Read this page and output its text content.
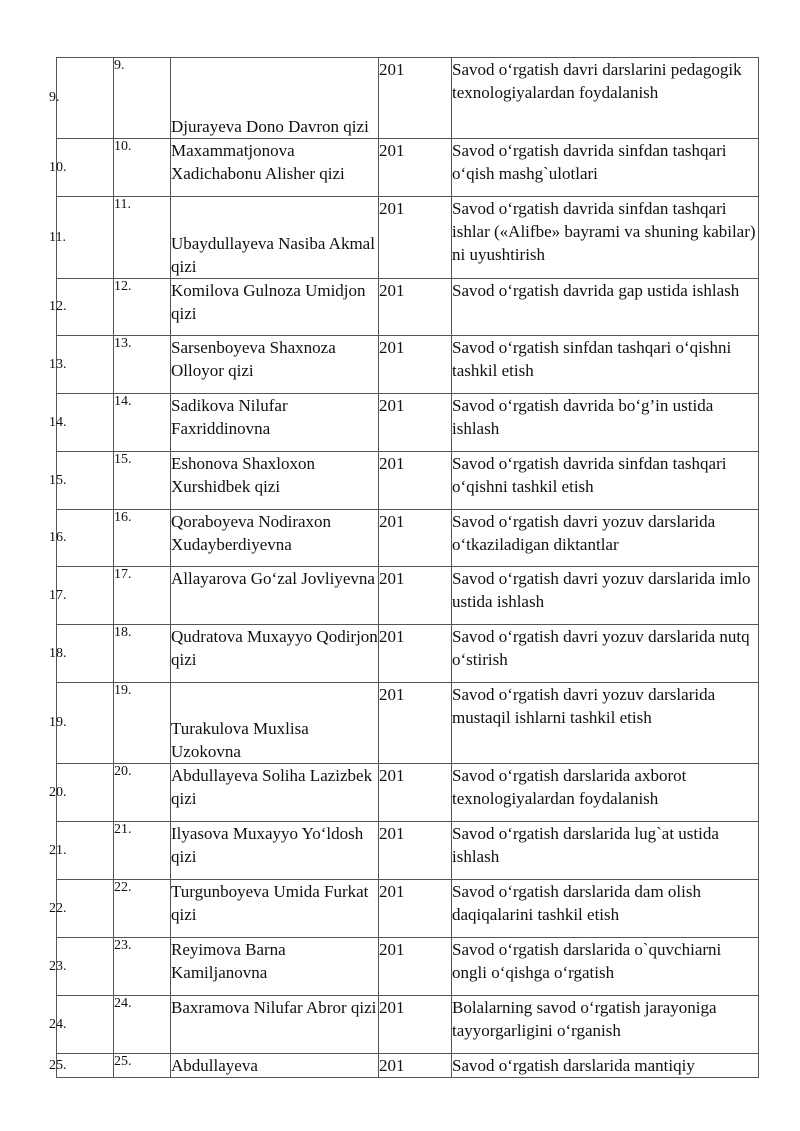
9.	9.	Djurayeva Dono Davron qizi	201	Savod o‘rgatish davri darslarini pedagogik texnologiyalardan foydalanish

10.	10.	Maxammatjonova Xadichabonu Alisher qizi	201	Savod o‘rgatish davrida sinfdan tashqari o‘qish mashg`ulotlari

11.	11.	Ubaydullayeva Nasiba Akmal qizi	201	Savod o‘rgatish davrida sinfdan tashqari ishlar («Alifbe» bayrami va shuning kabilar) ni uyushtirish

12.	12.	Komilova Gulnoza Umidjon qizi	201	Savod o‘rgatish davrida gap ustida ishlash

13.	13.	Sarsenboyeva Shaxnoza Olloyor qizi	201	Savod o‘rgatish sinfdan tashqari o‘qishni tashkil etish

14.	14.	Sadikova Nilufar Faxriddinovna	201	Savod o‘rgatish davrida bo‘g’in ustida ishlash

15.	15.	Eshonova Shaxloxon Xurshidbek qizi	201	Savod o‘rgatish davrida sinfdan tashqari o‘qishni tashkil etish

16.	16.	Qoraboyeva Nodiraxon Xudayberdiyevna	201	Savod o‘rgatish davri yozuv darslarida o‘tkaziladigan diktantlar

17.	17.	Allayarova Go‘zal Jovliyevna	201	Savod o‘rgatish davri yozuv darslarida imlo ustida ishlash

18.	18.	Qudratova Muxayyo Qodirjon qizi	201	Savod o‘rgatish davri yozuv darslarida nutq o‘stirish

19.	19.	Turakulova Muxlisa Uzokovna	201	Savod o‘rgatish davri yozuv darslarida mustaqil ishlarni tashkil etish

20.	20.	Abdullayeva Soliha Lazizbek qizi	201	Savod o‘rgatish darslarida axborot texnologiyalardan foydalanish

21.	21.	Ilyasova Muxayyo Yo‘ldosh qizi	201	Savod o‘rgatish darslarida lug`at ustida ishlash

22.	22.	Turgunboyeva Umida Furkat qizi	201	Savod o‘rgatish darslarida dam olish daqiqalarini tashkil etish

23.	23.	Reyimova Barna Kamiljanovna	201	Savod o‘rgatish darslarida o`quvchiarni ongli o‘qishga o‘rgatish

24.	24.	Baxramova Nilufar Abror qizi	201	Bolalarning savod o‘rgatish jarayoniga tayyorgarligini o‘rganish

25.	25.	Abdullayeva	201	Savod o‘rgatish darslarida mantiqiy
